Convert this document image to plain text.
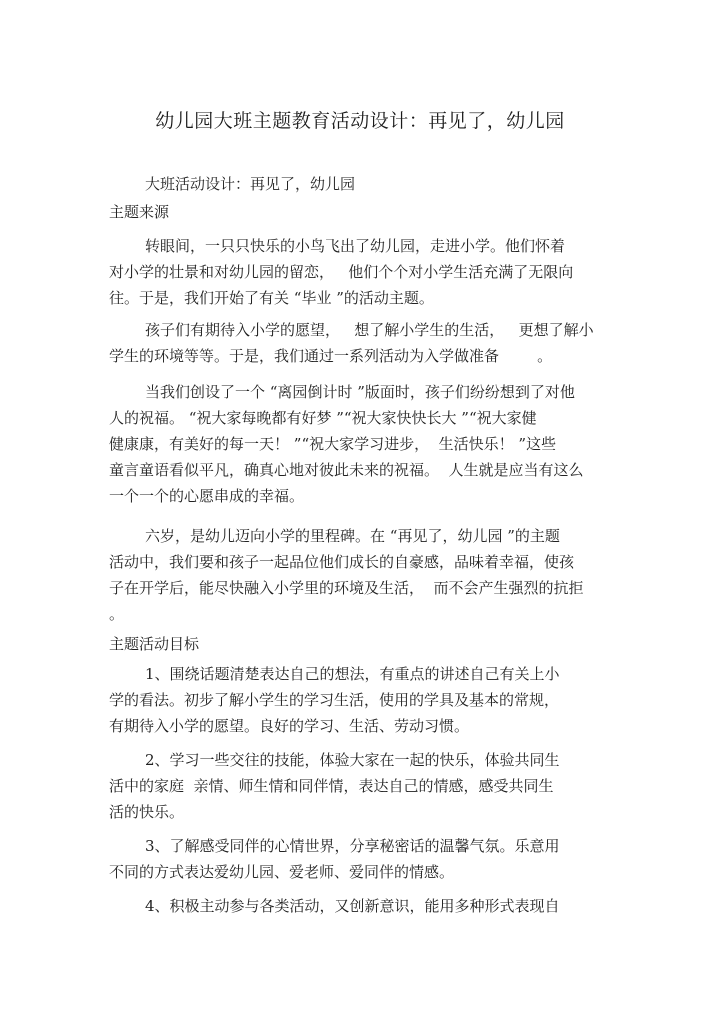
幼儿园大班主题教育活动设计：再见了，幼儿园
大班活动设计：再见了，幼儿园
主题来源
转眼间，一只只快乐的小鸟飞出了幼儿园，走进小学。他们怀着
对小学的壮景和对幼儿园的留恋，   他们个个对小学生活充满了无限向
往。于是，我们开始了有关 “毕业 ”的活动主题。
孩子们有期待入小学的愿望，   想了解小学生的生活，   更想了解小
学生的环境等等。于是，我们通过一系列活动为入学做准备        。
当我们创设了一个 “离园倒计时 ”版面时，孩子们纷纷想到了对他
人的祝福。 “祝大家每晚都有好梦 ”“祝大家快快长大 ”“祝大家健
健康康，有美好的每一天！ ”“祝大家学习进步，  生活快乐！ ”这些
童言童语看似平凡，确真心地对彼此未来的祝福。  人生就是应当有这么
一个一个的心愿串成的幸福。
六岁，是幼儿迈向小学的里程碑。在 “再见了，幼儿园 ”的主题
活动中，我们要和孩子一起品位他们成长的自豪感，品味着幸福，使孩
子在开学后，能尽快融入小学里的环境及生活，  而不会产生强烈的抗拒
。
主题活动目标
1、围绕话题清楚表达自己的想法，有重点的讲述自己有关上小
学的看法。初步了解小学生的学习生活，使用的学具及基本的常规，
有期待入小学的愿望。良好的学习、生活、劳动习惯。
2、学习一些交往的技能，体验大家在一起的快乐，体验共同生
活中的家庭  亲情、师生情和同伴情，表达自己的情感，感受共同生
活的快乐。
3、了解感受同伴的心情世界，分享秘密话的温馨气氛。乐意用
不同的方式表达爱幼儿园、爱老师、爱同伴的情感。
4、积极主动参与各类活动，又创新意识，能用多种形式表现自
